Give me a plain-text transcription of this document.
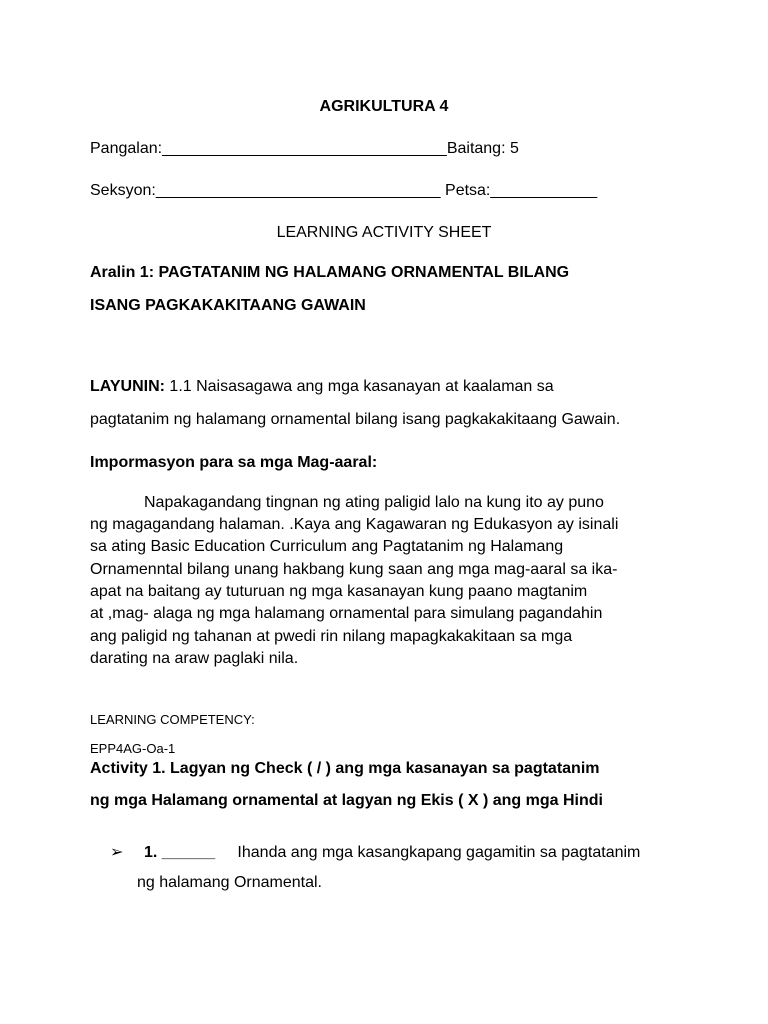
AGRIKULTURA 4
Pangalan:________________________________Baitang: 5
Seksyon:________________________________ Petsa:____________
LEARNING ACTIVITY SHEET
Aralin 1: PAGTATANIM NG HALAMANG ORNAMENTAL BILANG
ISANG PAGKAKAKITAANG GAWAIN
LAYUNIN: 1.1 Naisasagawa ang mga kasanayan at kaalaman sa
pagtatanim ng halamang ornamental bilang isang pagkakakitaang Gawain.
Impormasyon para sa mga Mag-aaral:
Napakagandang tingnan ng ating paligid lalo na kung ito ay puno
ng magagandang halaman. .Kaya ang Kagawaran ng Edukasyon ay isinali
sa ating Basic Education Curriculum ang Pagtatanim ng Halamang
Ornamenntal bilang unang hakbang kung saan ang mga mag-aaral sa ika-
apat na baitang ay tuturuan ng mga kasanayan kung paano magtanim
at ,mag- alaga ng mga halamang ornamental para simulang pagandahin
ang paligid ng tahanan at pwedi rin nilang mapagkakakitaan sa mga
darating na araw paglaki nila.
LEARNING COMPETENCY:
EPP4AG-Oa-1
Activity 1. Lagyan ng Check ( / ) ang mga kasanayan sa pagtatanim
ng mga Halamang ornamental at lagyan ng Ekis ( X ) ang mga Hindi
➢ 1. ______ Ihanda ang mga kasangkapang gagamitin sa pagtatanim
ng halamang Ornamental.
